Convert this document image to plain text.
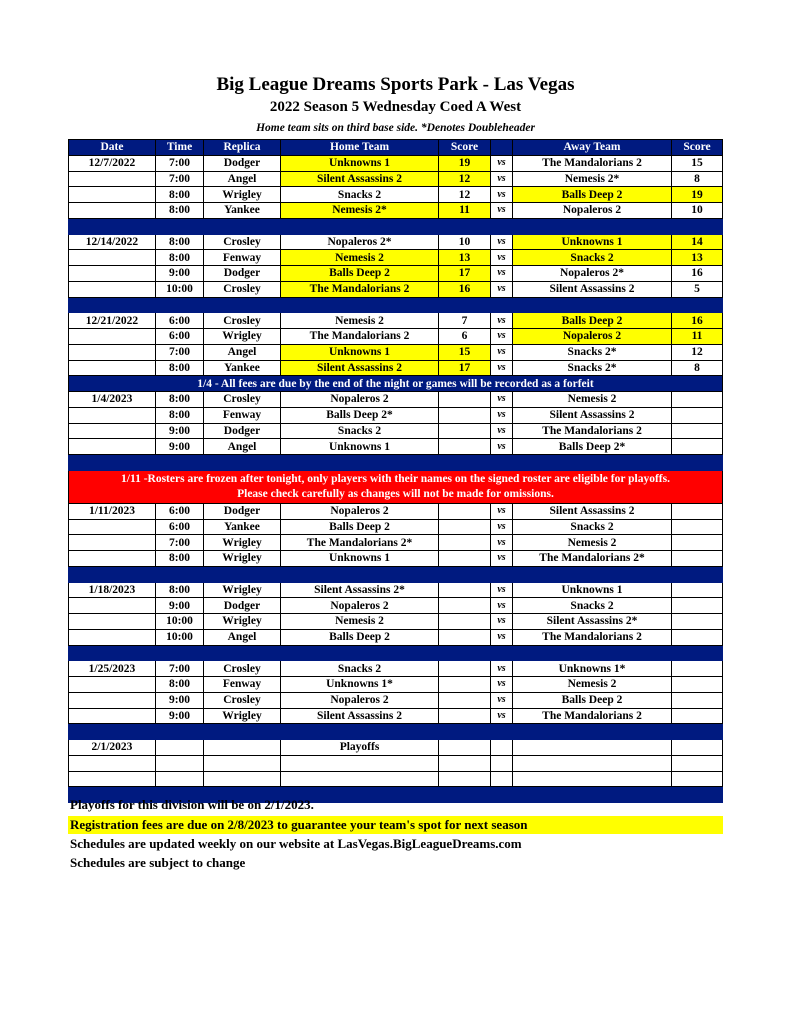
Big League Dreams Sports Park - Las Vegas
2022 Season 5 Wednesday Coed A West
Home team sits on third base side. *Denotes Doubleheader
Date	Time	Replica	Home Team	Score		Away Team	Score
12/7/2022	7:00	Dodger	Unknowns 1	19	vs	The Mandalorians 2	15
	7:00	Angel	Silent Assassins 2	12	vs	Nemesis 2*	8
	8:00	Wrigley	Snacks 2	12	vs	Balls Deep 2	19
	8:00	Yankee	Nemesis 2*	11	vs	Nopaleros 2	10

12/14/2022	8:00	Crosley	Nopaleros 2*	10	vs	Unknowns 1	14
	8:00	Fenway	Nemesis 2	13	vs	Snacks 2	13
	9:00	Dodger	Balls Deep 2	17	vs	Nopaleros 2*	16
	10:00	Crosley	The Mandalorians 2	16	vs	Silent Assassins 2	5

12/21/2022	6:00	Crosley	Nemesis 2	7	vs	Balls Deep 2	16
	6:00	Wrigley	The Mandalorians 2	6	vs	Nopaleros 2	11
	7:00	Angel	Unknowns 1	15	vs	Snacks 2*	12
	8:00	Yankee	Silent Assassins 2	17	vs	Snacks 2*	8
1/4 - All fees are due by the end of the night or games will be recorded as a forfeit							
1/4/2023	8:00	Crosley	Nopaleros 2		vs	Nemesis 2	
	8:00	Fenway	Balls Deep 2*		vs	Silent Assassins 2	
	9:00	Dodger	Snacks 2		vs	The Mandalorians 2	
	9:00	Angel	Unknowns 1		vs	Balls Deep 2*	

1/11 -Rosters are frozen after tonight, only players with their names on the signed roster are eligible for playoffs.
Please check carefully as changes will not be made for omissions.							

1/11/2023	6:00	Dodger	Nopaleros 2		vs	Silent Assassins 2	
	6:00	Yankee	Balls Deep 2		vs	Snacks 2	
	7:00	Wrigley	The Mandalorians 2*		vs	Nemesis 2	
	8:00	Wrigley	Unknowns 1		vs	The Mandalorians 2*	

1/18/2023	8:00	Wrigley	Silent Assassins 2*		vs	Unknowns 1	
	9:00	Dodger	Nopaleros 2		vs	Snacks 2	
	10:00	Wrigley	Nemesis 2		vs	Silent Assassins 2*	
	10:00	Angel	Balls Deep 2		vs	The Mandalorians 2	

1/25/2023	7:00	Crosley	Snacks 2		vs	Unknowns 1*	
	8:00	Fenway	Unknowns 1*		vs	Nemesis 2	
	9:00	Crosley	Nopaleros 2		vs	Balls Deep 2	
	9:00	Wrigley	Silent Assassins 2		vs	The Mandalorians 2	

2/1/2023			Playoffs				

Playoffs for this division will be on 2/1/2023.
Registration fees are due on 2/8/2023 to guarantee your team's spot for next season
Schedules are updated weekly on our website at LasVegas.BigLeagueDreams.com
Schedules are subject to change
